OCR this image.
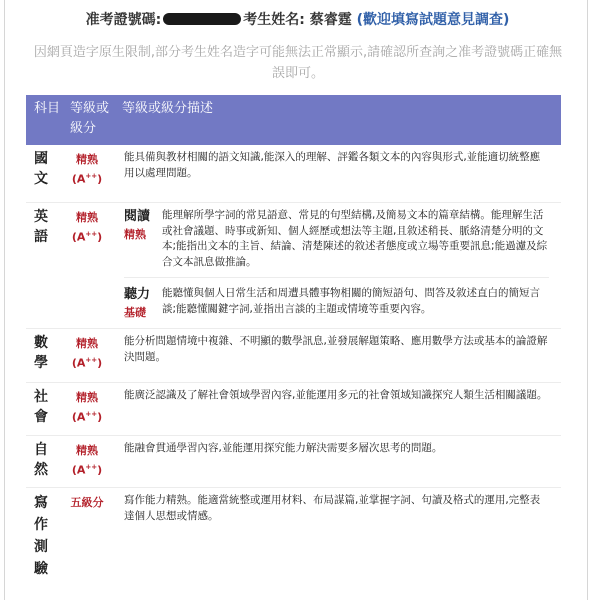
准考證號碼:	考生姓名: 蔡睿霆 (歡迎填寫試題意見調查)
因網頁造字原生限制,部分考生姓名造字可能無法正常顯示,請確認所查詢之准考證號碼正確無誤即可。
科目 等級或級分
等級或級分描述
國
文
精熟
(A++)
能具備與教材相關的語文知識,能深入的理解、評鑑各類文本的內容與形式,並能適切統整應用以處理問題。
英
語
精熟
(A++)
閱讀
精熟
能理解所學字詞的常見語意、常見的句型結構,及簡易文本的篇章結構。能理解生活或社會議題、時事或新知、個人經歷或想法等主題,且敘述稍長、脈絡清楚分明的文本;能指出文本的主旨、結論、清楚陳述的敘述者態度或立場等重要訊息;能過濾及綜合文本訊息做推論。
聽力
基礎
能聽懂與個人日常生活和周遭具體事物相關的簡短語句、問答及敘述直白的簡短言談;能聽懂關鍵字詞,並指出言談的主題或情境等重要內容。
數
學
精熟
(A++)
能分析問題情境中複雜、不明顯的數學訊息,並發展解題策略、應用數學方法或基本的論證解決問題。
社
會
精熟
(A++)
能廣泛認識及了解社會領域學習內容,並能運用多元的社會領域知識探究人類生活相關議題。
自
然
精熟
(A++)
能融會貫通學習內容,並能運用探究能力解決需要多層次思考的問題。
寫
作
測
驗
五級分	寫作能力精熟。能適當統整或運用材料、布局謀篇,並掌握字詞、句讀及格式的運用,完整表達個人思想或情感。
